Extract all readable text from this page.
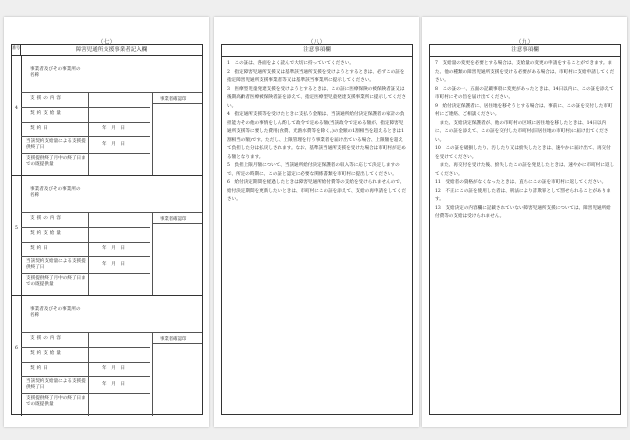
（七）
番号	障害児通所支援事業者記入欄
4
事業者及びその事業所の名称
支援の内容	事業者確認印
契約支給量
契約日	年　月　日
当該契約支給量による支援提供終了日
年　月　日
支援提供終了月中の終了日までの既提供量
5
事業者及びその事業所の名称
支援の内容	事業者確認印
契約支給量
契約日	年　月　日
当該契約支給量による支援提供終了日
年　月　日
支援提供終了月中の終了日までの既提供量
6
事業者及びその事業所の名称
支援の内容	事業者確認印
契約支給量
契約日	年　月　日
当該契約支給量による支援提供終了日
年　月　日
支援提供終了月中の終了日までの既提供量
（八）
注意事項欄

1　この証は、各面をよく読んで大切に持っていてください。

2　指定障害児通所支援又は基準該当通所支援を受けようとするときは、必ずこの証を指定障害児通所支援事業者等又は基準該当事業所に提示してください。

3　医療型児童発達支援を受けようとするときは、この証に医療保険の被保険者証又は後期高齢者医療被保険者証を添えて、指定医療型児童発達支援事業所に提示してください。

4　指定通所支援等を受けたときに支払う金額は、当該通所給付決定保護者の家計の負担能力その他の事情をしん酌して政令で定める額(当該政令で定める額が、指定障害児通所支援等に要した費用(食費、光熱水費等を除く。)の金額の1割相当を超えるときは1割相当の額)です。ただし、上限管理を行う事業者を届け出ている場合、上限額を超えて負担した分は払戻しされます。なお、基準該当通所支援を受けた場合は市町村が定める額となります。

5　負担上限月額について、当該通所給付決定保護者の収入等に応じて決定しますので、所定の時期に、この証と認定に必要な関係書類を市町村に提出してください。

6　給付決定期間を経過したときは障害児通所給付費等の支給を受けられませんので、給付決定期間を更新したいときは、市町村にこの証を添えて、支給の再申請をしてください。

（九）
注意事項欄

7　支給量の変更を必要とする場合は、支給量の変更の申請をすることができます。また、他の種類の障害児通所支援を受ける必要がある場合は、市町村に支給申請してください。

8　この証の一、五面の記載事項に変更があったときは、14日以内に、この証を添えて市町村にその旨を届け出てください。

9　給付決定保護者に、居住地を移そうとする場合は、事前に、この証を交付した市町村にご連絡、ご相談ください。

　また、支給決定保護者が、他の市町村の区域に居住地を移したときは、14日以内に、この証を添えて、この証を交付した市町村(旧居住地の市町村)に届け出てください。

10　この証を破損したり、汚したり又は紛失したときは、速やかに届け出て、再交付を受けてください。

　また、再交付を受けた後、紛失したこの証を発見したときは、速やかに市町村に返してください。

11　受給者の資格がなくなったときは、直ちにこの証を市町村に返してください。

12　不正にこの証を使用した者は、刑法により詐欺罪として罰せられることがあります。

13　支給決定の内容欄に記載されていない障害児通所支援については、障害児通所給付費等の支給は受けられません。
